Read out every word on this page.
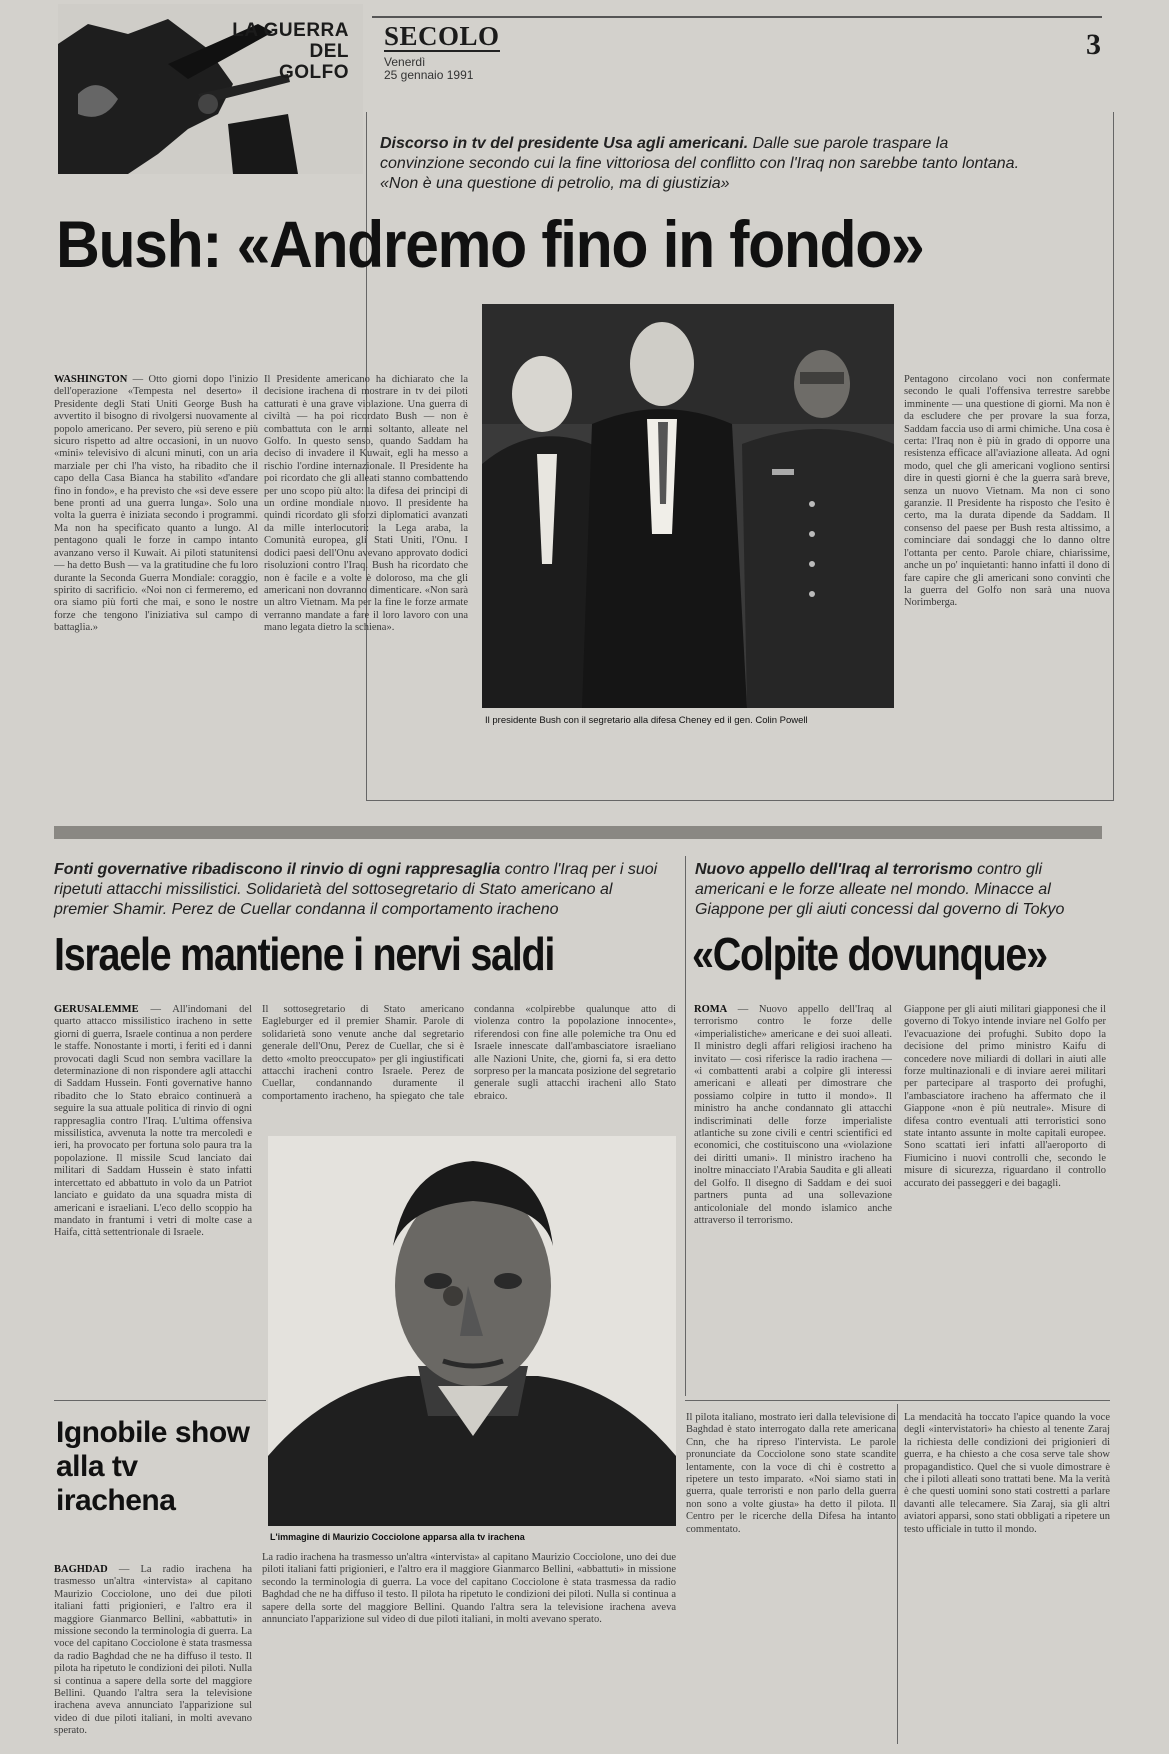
LA GUERRA
DEL
GOLFO
SECOLO
Venerdì
25 gennaio 1991
3
Discorso in tv del presidente Usa agli americani. Dalle sue parole traspare la convinzione secondo cui la fine vittoriosa del conflitto con l'Iraq non sarebbe tanto lontana. «Non è una questione di petrolio, ma di giustizia»
Bush: «Andremo fino in fondo»
WASHINGTON — Otto giorni dopo l'inizio dell'operazione «Tempesta nel deserto» il Presidente degli Stati Uniti George Bush ha avvertito il bisogno di rivolgersi nuovamente al popolo americano. Per severo, più sereno e più sicuro rispetto ad altre occasioni, in un nuovo «mini» televisivo di alcuni minuti, con un aria marziale per chi l'ha visto, ha ribadito che il capo della Casa Bianca ha stabilito «d'andare fino in fondo», e ha previsto che «si deve essere bene pronti ad una guerra lunga». Solo una volta la guerra è iniziata secondo i programmi. Ma non ha specificato quanto a lungo. Al pentagono quali le forze in campo intanto avanzano verso il Kuwait. Ai piloti statunitensi — ha detto Bush — va la gratitudine che fu loro durante la Seconda Guerra Mondiale: coraggio, spirito di sacrificio. «Noi non ci fermeremo, ed ora siamo più forti che mai, e sono le nostre forze che tengono l'iniziativa sul campo di battaglia.»
Il Presidente americano ha dichiarato che la decisione irachena di mostrare in tv dei piloti catturati è una grave violazione. Una guerra di civiltà — ha poi ricordato Bush — non è combattuta con le armi soltanto, alleate nel Golfo. In questo senso, quando Saddam ha deciso di invadere il Kuwait, egli ha messo a rischio l'ordine internazionale. Il Presidente ha poi ricordato che gli alleati stanno combattendo per uno scopo più alto: la difesa dei principi di un ordine mondiale nuovo. Il presidente ha quindi ricordato gli sforzi diplomatici avanzati da mille interlocutori: la Lega araba, la Comunità europea, gli Stati Uniti, l'Onu. I dodici paesi dell'Onu avevano approvato dodici risoluzioni contro l'Iraq. Bush ha ricordato che non è facile e a volte è doloroso, ma che gli americani non dovranno dimenticare. «Non sarà un altro Vietnam. Ma per la fine le forze armate verranno mandate a fare il loro lavoro con una mano legata dietro la schiena».
Il presidente Bush con il segretario alla difesa Cheney ed il gen. Colin Powell
Pentagono circolano voci non confermate secondo le quali l'offensiva terrestre sarebbe imminente — una questione di giorni. Ma non è da escludere che per provare la sua forza, Saddam faccia uso di armi chimiche. Una cosa è certa: l'Iraq non è più in grado di opporre una resistenza efficace all'aviazione alleata. Ad ogni modo, quel che gli americani vogliono sentirsi dire in questi giorni è che la guerra sarà breve, senza un nuovo Vietnam. Ma non ci sono garanzie. Il Presidente ha risposto che l'esito è certo, ma la durata dipende da Saddam. Il consenso del paese per Bush resta altissimo, a cominciare dai sondaggi che lo danno oltre l'ottanta per cento. Parole chiare, chiarissime, anche un po' inquietanti: hanno infatti il dono di fare capire che gli americani sono convinti che la guerra del Golfo non sarà una nuova Norimberga.
Fonti governative ribadiscono il rinvio di ogni rappresaglia contro l'Iraq per i suoi ripetuti attacchi missilistici. Solidarietà del sottosegretario di Stato americano al premier Shamir. Perez de Cuellar condanna il comportamento iracheno
Israele mantiene i nervi saldi
GERUSALEMME — All'indomani del quarto attacco missilistico iracheno in sette giorni di guerra, Israele continua a non perdere le staffe. Nonostante i morti, i feriti ed i danni provocati dagli Scud non sembra vacillare la determinazione di non rispondere agli attacchi di Saddam Hussein. Fonti governative hanno ribadito che lo Stato ebraico continuerà a seguire la sua attuale politica di rinvio di ogni rappresaglia contro l'Iraq. L'ultima offensiva missilistica, avvenuta la notte tra mercoledì e ieri, ha provocato per fortuna solo paura tra la popolazione. Il missile Scud lanciato dai militari di Saddam Hussein è stato infatti intercettato ed abbattuto in volo da un Patriot lanciato e guidato da una squadra mista di americani e israeliani. L'eco dello scoppio ha mandato in frantumi i vetri di molte case a Haifa, città settentrionale di Israele.
Il sottosegretario di Stato americano Eagleburger ed il premier Shamir. Parole di solidarietà sono venute anche dal segretario generale dell'Onu, Perez de Cuellar, che si è detto «molto preoccupato» per gli ingiustificati attacchi iracheni contro Israele. Perez de Cuellar, condannando duramente il comportamento iracheno, ha spiegato che tale condanna «colpirebbe qualunque atto di violenza contro la popolazione innocente», riferendosi con fine alle polemiche tra Onu ed Israele innescate dall'ambasciatore israeliano alle Nazioni Unite, che, giorni fa, si era detto sorpreso per la mancata posizione del segretario generale sugli attacchi iracheni allo Stato ebraico.
Nuovo appello dell'Iraq al terrorismo contro gli americani e le forze alleate nel mondo. Minacce al Giappone per gli aiuti concessi dal governo di Tokyo
«Colpite dovunque»
ROMA — Nuovo appello dell'Iraq al terrorismo contro le forze delle «imperialistiche» americane e dei suoi alleati. Il ministro degli affari religiosi iracheno ha invitato — così riferisce la radio irachena — «i combattenti arabi a colpire gli interessi americani e alleati per dimostrare che possiamo colpire in tutto il mondo». Il ministro ha anche condannato gli attacchi indiscriminati delle forze imperialiste atlantiche su zone civili e centri scientifici ed economici, che costituiscono una «violazione dei diritti umani». Il ministro iracheno ha inoltre minacciato l'Arabia Saudita e gli alleati del Golfo. Il disegno di Saddam e dei suoi partners punta ad una sollevazione anticoloniale del mondo islamico anche attraverso il terrorismo.
Giappone per gli aiuti militari giapponesi che il governo di Tokyo intende inviare nel Golfo per l'evacuazione dei profughi. Subito dopo la decisione del primo ministro Kaifu di concedere nove miliardi di dollari in aiuti alle forze multinazionali e di inviare aerei militari per partecipare al trasporto dei profughi, l'ambasciatore iracheno ha affermato che il Giappone «non è più neutrale». Misure di difesa contro eventuali atti terroristici sono state intanto assunte in molte capitali europee. Sono scattati ieri infatti all'aeroporto di Fiumicino i nuovi controlli che, secondo le misure di sicurezza, riguardano il controllo accurato dei passeggeri e dei bagagli.
L'immagine di Maurizio Cocciolone apparsa alla tv irachena
Ignobile show alla tv irachena
BAGHDAD — La radio irachena ha trasmesso un'altra «intervista» al capitano Maurizio Cocciolone, uno dei due piloti italiani fatti prigionieri, e l'altro era il maggiore Gianmarco Bellini, «abbattuti» in missione secondo la terminologia di guerra. La voce del capitano Cocciolone è stata trasmessa da radio Baghdad che ne ha diffuso il testo. Il pilota ha ripetuto le condizioni dei piloti. Nulla si continua a sapere della sorte del maggiore Bellini. Quando l'altra sera la televisione irachena aveva annunciato l'apparizione sul video di due piloti italiani, in molti avevano sperato.
La radio irachena ha trasmesso un'altra «intervista» al capitano Maurizio Cocciolone, uno dei due piloti italiani fatti prigionieri, e l'altro era il maggiore Gianmarco Bellini, «abbattuti» in missione secondo la terminologia di guerra. La voce del capitano Cocciolone è stata trasmessa da radio Baghdad che ne ha diffuso il testo. Il pilota ha ripetuto le condizioni dei piloti. Nulla si continua a sapere della sorte del maggiore Bellini. Quando l'altra sera la televisione irachena aveva annunciato l'apparizione sul video di due piloti italiani, in molti avevano sperato.
Il pilota italiano, mostrato ieri dalla televisione di Baghdad è stato interrogato dalla rete americana Cnn, che ha ripreso l'intervista. Le parole pronunciate da Cocciolone sono state scandite lentamente, con la voce di chi è costretto a ripetere un testo imparato. «Noi siamo stati in guerra, quale terroristi e non parlo della guerra non sono a volte giusta» ha detto il pilota. Il Centro per le ricerche della Difesa ha intanto commentato.
La mendacità ha toccato l'apice quando la voce degli «intervistatori» ha chiesto al tenente Zaraj la richiesta delle condizioni dei prigionieri di guerra, e ha chiesto a che cosa serve tale show propagandistico. Quel che si vuole dimostrare è che i piloti alleati sono trattati bene. Ma la verità è che questi uomini sono stati costretti a parlare davanti alle telecamere. Sia Zaraj, sia gli altri aviatori apparsi, sono stati obbligati a ripetere un testo ufficiale in tutto il mondo.
